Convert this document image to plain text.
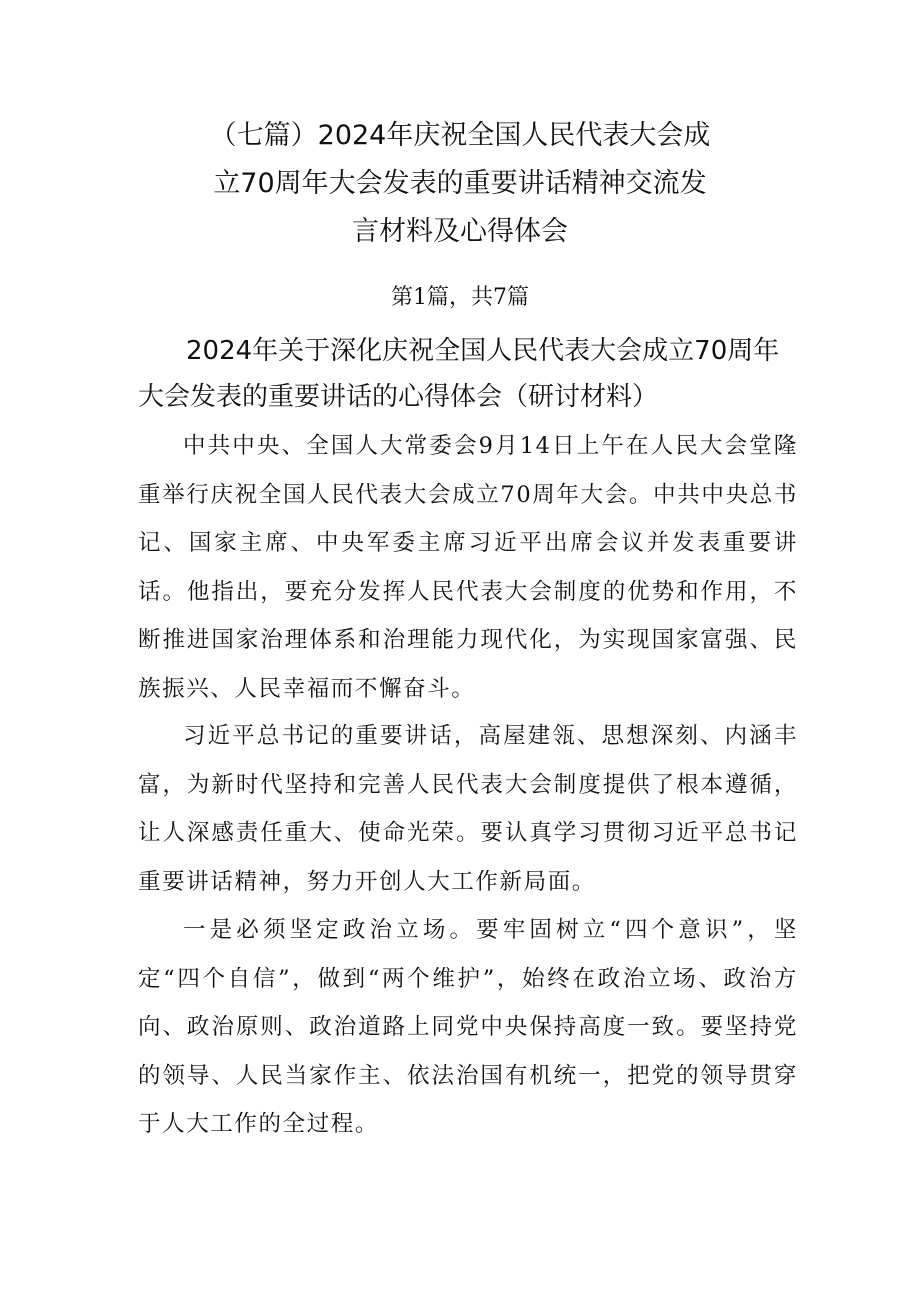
（七篇）2024年庆祝全国人民代表大会成
立70周年大会发表的重要讲话精神交流发
言材料及心得体会
第1篇，共7篇
2024年关于深化庆祝全国人民代表大会成立70周年
大会发表的重要讲话的心得体会（研讨材料）

中共中央、全国人大常委会9月14日上午在人民大会堂隆重举行庆祝全国人民代表大会成立70周年大会。中共中央总书记、国家主席、中央军委主席习近平出席会议并发表重要讲话。他指出，要充分发挥人民代表大会制度的优势和作用，不断推进国家治理体系和治理能力现代化，为实现国家富强、民族振兴、人民幸福而不懈奋斗。

习近平总书记的重要讲话，高屋建瓴、思想深刻、内涵丰富，为新时代坚持和完善人民代表大会制度提供了根本遵循，让人深感责任重大、使命光荣。要认真学习贯彻习近平总书记重要讲话精神，努力开创人大工作新局面。

一是必须坚定政治立场。要牢固树立“四个意识”，坚定“四个自信”，做到“两个维护”，始终在政治立场、政治方向、政治原则、政治道路上同党中央保持高度一致。要坚持党的领导、人民当家作主、依法治国有机统一，把党的领导贯穿于人大工作的全过程。
